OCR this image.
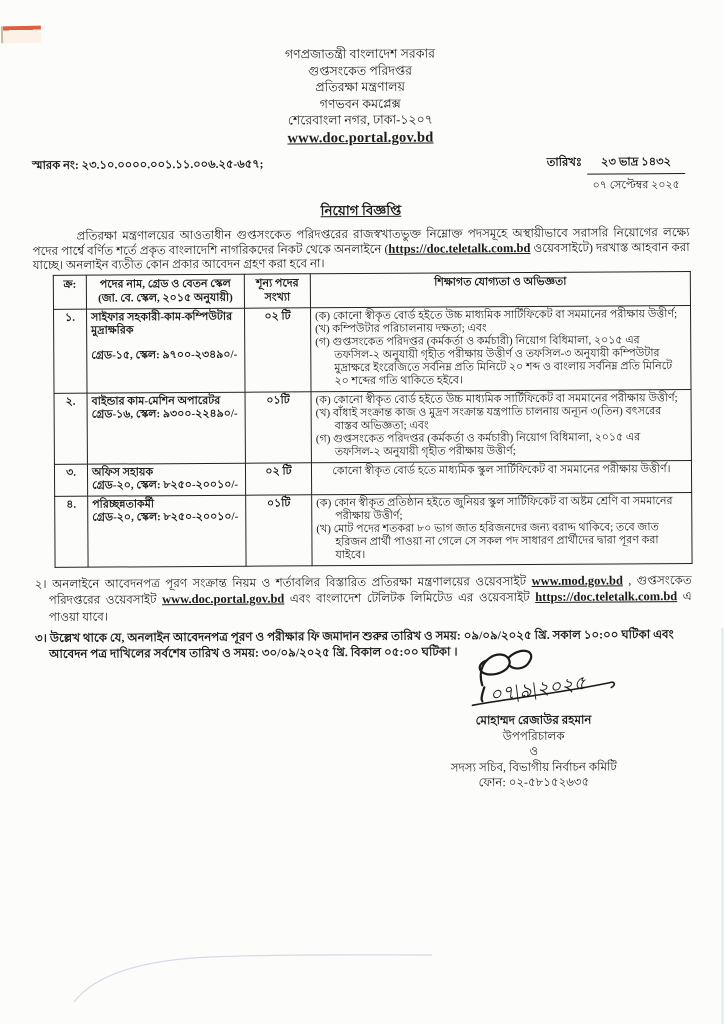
গণপ্রজাতন্ত্রী বাংলাদেশ সরকার
গুপ্তসংকেত পরিদপ্তর
প্রতিরক্ষা মন্ত্রণালয়
গণভবন কমপ্লেক্স
শেরেবাংলা নগর, ঢাকা-১২০৭
www.doc.portal.gov.bd
স্মারক নং: ২৩.১০.০০০০.০০১.১১.০০৬.২৫-৬৫৭;	তারিখঃ	২৩ ভাদ্র ১৪৩২
০৭ সেপ্টেম্বর ২০২৫
নিয়োগ বিজ্ঞপ্তি
প্রতিরক্ষা মন্ত্রণালয়ের আওতাধীন গুপ্তসংকেত পরিদপ্তরের রাজস্বখাতভুক্ত নিম্নোক্ত পদসমূহে অস্থায়ীভাবে সরাসরি নিয়োগের লক্ষ্যে পদের পার্শ্বে বর্ণিত শর্তে প্রকৃত বাংলাদেশি নাগরিকদের নিকট থেকে অনলাইনে (https://doc.teletalk.com.bd ওয়েবসাইটে) দরখাস্ত আহবান করা যাচ্ছে। অনলাইন ব্যতীত কোন প্রকার আবেদন গ্রহণ করা হবে না।
ক্র:	পদের নাম, গ্রেড ও বেতন স্কেল
(জা. বে. স্কেল, ২০১৫ অনুযায়ী)

শূন্য পদের
সংখ্যা
	শিক্ষাগত যোগ্যতা ও অভিজ্ঞতা
১.	সাইফার সহকারী-কাম-কম্পিউটার মুদ্রাক্ষরিক
গ্রেড-১৫, স্কেল: ৯৭০০-২৩৪৯০/-
	০২ টি	(ক) কোনো স্বীকৃত বোর্ড হইতে উচ্চ মাধ্যমিক সার্টিফিকেট বা সমমানের পরীক্ষায় উত্তীর্ণ;
(খ) কম্পিউটার পরিচালনায় দক্ষতা; এবং
(গ) গুপ্তসংকেত পরিদপ্তর (কর্মকর্তা ও কর্মচারী) নিয়োগ বিধিমালা, ২০১৫ এর তফসিল-২ অনুযায়ী গৃহীত পরীক্ষায় উত্তীর্ণ ও তফসিল-৩ অনুযায়ী কম্পিউটার মুদ্রাক্ষরে ইংরেজিতে সর্বনিম্ন প্রতি মিনিটে ২০ শব্দ ও বাংলায় সর্বনিম্ন প্রতি মিনিটে ২০ শব্দের গতি থাকিতে হইবে।

২.	বাইন্ডার কাম-মেশিন অপারেটর
গ্রেড-১৬, স্কেল: ৯৩০০-২২৪৯০/-
	০১টি	(ক) কোনো স্বীকৃত বোর্ড হইতে উচ্চ মাধ্যমিক সার্টিফিকেট বা সমমানের পরীক্ষায় উত্তীর্ণ;
(খ) বাঁধাই সংক্রান্ত কাজ ও মুদ্রণ সংক্রান্ত যন্ত্রপাতি চালনায় অন্যূন ৩(তিন) বৎসরের বাস্তব অভিজ্ঞতা; এবং
(গ) গুপ্তসংকেত পরিদপ্তর (কর্মকর্তা ও কর্মচারী) নিয়োগ বিধিমালা, ২০১৫ এর তফসিল-২ অনুযায়ী গৃহীত পরীক্ষায় উত্তীর্ণ;

৩.	অফিস সহায়ক
গ্রেড-২০, স্কেল: ৮২৫০-২০০১০/-	০২ টি	কোনো স্বীকৃত বোর্ড হতে মাধ্যমিক স্কুল সার্টিফিকেট বা সমমানের পরীক্ষায় উত্তীর্ণ।

৪.	পরিচ্ছন্নতাকর্মী
গ্রেড-২০, স্কেল: ৮২৫০-২০০১০/-
	০১টি	(ক) কোন স্বীকৃত প্রতিষ্ঠান হইতে জুনিয়র স্কুল সার্টিফিকেট বা অষ্টম শ্রেণি বা সমমানের পরীক্ষায় উত্তীর্ণ;
(খ) মোট পদের শতকরা ৮০ ভাগ জাত হরিজনদের জন্য বরাদ্দ থাকিবে; তবে জাত হরিজন প্রার্থী পাওয়া না গেলে সে সকল পদ সাধারণ প্রার্থীদের দ্বারা পূরণ করা যাইবে।
২। অনলাইনে আবেদনপত্র পূরণ সংক্রান্ত নিয়ম ও শর্তাবলির বিস্তারিত প্রতিরক্ষা মন্ত্রণালয়ের ওয়েবসাইট www.mod.gov.bd , গুপ্তসংকেত পরিদপ্তরের ওয়েবসাইট www.doc.portal.gov.bd এবং বাংলাদেশ টেলিটক লিমিটেড এর ওয়েবসাইট https://doc.teletalk.com.bd এ পাওয়া যাবে।
৩। উল্লেখ থাকে যে, অনলাইন আবেদনপত্র পূরণ ও পরীক্ষার ফি জমাদান শুরুর তারিখ ও সময়: ০৯/০৯/২০২৫ খ্রি. সকাল ১০:০০ ঘটিকা এবং আবেদন পত্র দাখিলের সর্বশেষ তারিখ ও সময়: ৩০/০৯/২০২৫ খ্রি. বিকাল ০৫:০০ ঘটিকা ।
০৭|৯|২০২৫
মোহাম্মদ রেজাউর রহমান
উপপরিচালক
ও
সদস্য সচিব, বিভাগীয় নির্বাচন কমিটি
ফোন: ০২-৫৮১৫২৬৩৫
